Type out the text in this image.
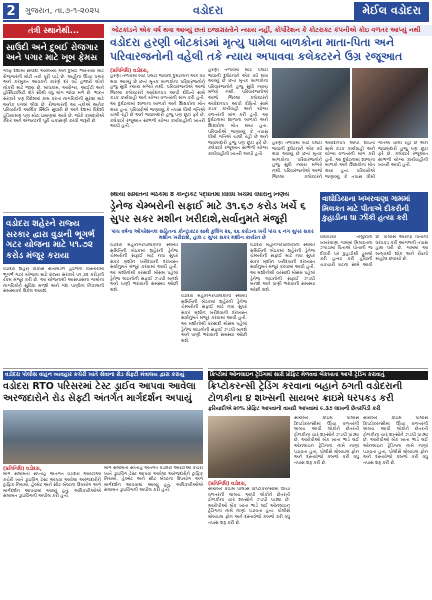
2	ગુજરાત, તા.૭-૧-૨૦૨૫	વડોદરા	મેઈલ વડોદરા
તંત્રી સ્થાનેથી...
સાઉદી અને દુબઈ રોજગાર અને પગાર માટે ખૂબ ફેમસ
ગલ્ફ દેશોમાં સાઉદી અરેબિયા અને દુબઈ ભારતીયો માટે રોજગારની મોટી તકો પૂરી પાડે છે. અહીંના ઊંચા પગાર અને કરમુક્ત આવકને કારણે દર વર્ષે હજારો લોકો નોકરી માટે જાય છે. બાંધકામ, આરોગ્ય, આઈટી અને હોસ્પિટાલિટી ક્ષેત્રે સૌથી વધુ માંગ જોવા મળે છે. ભારત સરકારે પણ વિદેશમાં કામ કરતા નાગરિકોની સુરક્ષા માટે અનેક પગલાં લીધાં છે. રોજગારની આ તકોએ અનેક પરિવારોની આર્થિક સ્થિતિ સુધારી છે અને દેશમાં વિદેશી હૂંડિયામણ પણ મોટા પ્રમાણમાં આવે છે. જોકે કામદારોએ કરાર અને એજન્ટની પૂરી ચકાસણી કરવી જરૂરી છે.
વડોદરા શહેરને રાજ્ય સરકાર દ્વારા વુડાની ભૂગર્ભ ગટર યોજના માટે ૫૧.૭૨ કરોડ મંજૂર કરાયા
વડોદરા શહેરી વિકાસ સત્તામંડળ હેઠળના વિસ્તારોમાં ભૂગર્ભ ગટર યોજના માટે રાજ્ય સરકારે ૫૧.૭૨ કરોડની રકમ મંજૂર કરી છે. આ યોજનાથી આસપાસના ગામોના નાગરિકોને સુવિધા મળશે અને ગંદા પાણીના નિકાલની સમસ્યાનો ઉકેલ આવશે.
બોટકાંડને એક વર્ષ થવા આવ્યું છતાં ઇજાગ્રસ્તોને ન્યાય નહીં, કોર્પોરેશન કે કોટરાક્ટ કંપનીએ કોઇ વળતર આપ્યું નથી
વડોદરા હરણી બોટકાંડમાં મૃત્યુ પામેલા બાળકોના માતા-પિતા અને પરિવારજનોની વહેલી તકે ન્યાય અપાવવા કલેક્ટરને ઉગ્ર રજૂઆત
(પ્રતિનિધિ) વડોદરા,
હરણી તળાવમાં બોટ પલટી જવાની દુર્ઘટનાને એક વર્ષ થવા આવ્યું છે છતાં મૃતક બાળકોના પરિવારજનોને હજુ સુધી ન્યાય મળ્યો નથી. પરિવારજનોએ આજે જિલ્લા કલેક્ટરને આવેદનપત્ર આપી દોષિતો સામે કડક કાર્યવાહી અને યોગ્ય વળતરની માંગ કરી હતી. આ દુર્ઘટનામાં શાળાના બાળકો અને શિક્ષકોના મોત થયા હતા. પરિવારોએ જણાવ્યું કે તપાસ ધીમી ગતિએ ચાલી રહી છે અને જવાબદારો હજુ પણ છૂટા ફરે છે. કલેક્ટરે રજૂઆત સાંભળી યોગ્ય કાર્યવાહીની ખાતરી આપી હતી.
હરણી તળાવમાં બોટ પલટી જવાની દુર્ઘટનાને એક વર્ષ થવા આવ્યું છે છતાં મૃતક બાળકોના પરિવારજનોને હજુ સુધી ન્યાય મળ્યો નથી. પરિવારજનોએ આજે જિલ્લા કલેક્ટરને આવેદનપત્ર આપી દોષિતો સામે કડક કાર્યવાહી અને યોગ્ય વળતરની માંગ કરી હતી. આ દુર્ઘટનામાં શાળાના બાળકો અને શિક્ષકોના મોત થયા હતા. પરિવારોએ જણાવ્યું કે તપાસ ધીમી ગતિએ ચાલી રહી છે અને જવાબદારો હજુ પણ છૂટા ફરે છે. કલેક્ટરે રજૂઆત સાંભળી યોગ્ય કાર્યવાહીની ખાતરી આપી હતી.
હરણી તળાવમાં બોટ પલટી જવાની દુર્ઘટનાને એક વર્ષ થવા આવ્યું છે છતાં મૃતક બાળકોના પરિવારજનોને હજુ સુધી ન્યાય મળ્યો નથી. પરિવારજનોએ આજે જિલ્લા કલેક્ટરને આવેદનપત્ર આપી દોષિતો સામે કડક કાર્યવાહી અને યોગ્ય વળતરની માંગ કરી હતી. આ દુર્ઘટનામાં શાળાના બાળકો અને શિક્ષકોના મોત થયા હતા. પરિવારોએ જણાવ્યું કે તપાસ ધીમી ગતિએ ચાલી રહી છે અને જવાબદારો હજુ પણ છૂટા ફરે છે. કલેક્ટરે રજૂઆત સાંભળી યોગ્ય કાર્યવાહીની ખાતરી આપી હતી.
સ્થાયી સમિતિની બેઠકમાં 8 કોન્ટ્રાકટ પદ્ધતિમાં વિવિધ ખર્ચમાં વધારાનું નિર્ણય
ડ્રેનેજ ચેમ્બરોની સફાઈ માટે ૩૧.૬૭ કરોડ ખર્ચે ૬ સુપર સકર મશીન ખરીદાશે,સર્વાનુમતે મંજૂરી
પાંચ વર્ષના ઓપરેશનલ સહિતના કોન્ટ્રાક્ટર સાથે કુલિંગ ૨૬, ૬૬ કરોડના ખર્ચે પાંચ ૬ નંગ સુપર સકર મશીન ખરીદાશે, હાલ ૮ સુપર સકર મશીન કાર્યરત છે
વડોદરા મહાનગરપાલિકાની સ્થાયી સમિતિની બેઠકમાં શહેરની ડ્રેનેજ ચેમ્બરોની સફાઈ માટે નવા સુપર સકર મશીન ખરીદવાની દરખાસ્ત સર્વાનુમતે મંજૂર કરવામાં આવી હતી. આ મશીનોથી વરસાદી મોસમ પહેલાં ડ્રેનેજ લાઇનોની સફાઈ ઝડપી બનશે અને પાણી ભરાવાની સમસ્યા ઓછી થશે.
વડોદરા મહાનગરપાલિકાની સ્થાયી સમિતિની બેઠકમાં શહેરની ડ્રેનેજ ચેમ્બરોની સફાઈ માટે નવા સુપર સકર મશીન ખરીદવાની દરખાસ્ત સર્વાનુમતે મંજૂર કરવામાં આવી હતી. આ મશીનોથી વરસાદી મોસમ પહેલાં ડ્રેનેજ લાઇનોની સફાઈ ઝડપી બનશે અને પાણી ભરાવાની સમસ્યા ઓછી થશે.
વડોદરા મહાનગરપાલિકાની સ્થાયી સમિતિની બેઠકમાં શહેરની ડ્રેનેજ ચેમ્બરોની સફાઈ માટે નવા સુપર સકર મશીન ખરીદવાની દરખાસ્ત સર્વાનુમતે મંજૂર કરવામાં આવી હતી. આ મશીનોથી વરસાદી મોસમ પહેલાં ડ્રેનેજ લાઇનોની સફાઈ ઝડપી બનશે અને પાણી ભરાવાની સમસ્યા ઓછી થશે.
વાઘોડિયાના ખખરવાણા ગામમાં મિલકત માટે પીતાએ દીકરીની કુહાડીના ઘા ઝીંકી હત્યા કરી
વાઘોડિયા તાલુકાના ખખરવાણા ગામમાં મિલકતના ઝઘડામાં પિતાએ પોતાની જ દીકરી પર કુહાડીથી હુમલો કરી હત્યા કરી હોવાની ચકચારી ઘટના સામે આવી છે. પોલીસે આરોપી પિતાની ધરપકડ કરી આગળની તપાસ હાથ ધરી છે. ગામમાં આ બનાવથી શોક અને રોષનો માહોલ છવાયો છે.
વડોદરા પોલીસ વાહન વ્યવહાર કચેરી ખાતે સેવાના રોડ સેફ્ટી મંત્રાલય દ્વારા કરાયું
વડોદરા RTO પરિસરમાં ટેસ્ટ ડ્રાઈવ આપવા આવેલા અરજદારોને રોડ સેફ્ટી અંતર્ગત માર્ગદર્શન અપાયું
(પ્રતિનિધિ) વડોદરા,
માર્ગ સલામતી સપ્તાહ અંતર્ગત વડોદરા આરટીઓ કચેરી ખાતે ડ્રાઇવિંગ ટેસ્ટ આપવા આવેલા અરજદારોને ટ્રાફિક નિયમો, હેલ્મેટ અને સીટ બેલ્ટના ઉપયોગ અંગે માર્ગદર્શન આપવામાં આવ્યું હતું. અધિકારીઓએ સલામત ડ્રાઇવિંગની અપીલ કરી હતી.
માર્ગ સલામતી સપ્તાહ અંતર્ગત વડોદરા આરટીઓ કચેરી ખાતે ડ્રાઇવિંગ ટેસ્ટ આપવા આવેલા અરજદારોને ટ્રાફિક નિયમો, હેલ્મેટ અને સીટ બેલ્ટના ઉપયોગ અંગે માર્ગદર્શન આપવામાં આવ્યું હતું. અધિકારીઓએ સલામત ડ્રાઇવિંગની અપીલ કરી હતી.
ક્રિપ્ટોમાં ઓનલાઇન ટ્રેડિંગમાં સારો પ્રોફિટ મેળવવા બેંકખાતા આપી ટ્રેડિંગ કરાવાતું
ક્રિપ્ટોકરન્સી ટ્રેડિંગ કરવાના બહાને ઠગતી વડોદરાની ટોળકીના ૪ શખ્સની સાયબર ક્રાઇમે ધરપકડ કરી
ફરિયાદીએ ૨૦% પ્રોફિટ આપવાનો વાયદો આપવામાં ૯.૩૭ લાખની છેતરપિંડી કરી
(પ્રતિનિધિ) વડોદરા,
સાયબર ક્રાઇમ પોલીસે ક્રિપ્ટોકરન્સીમાં ઊંચા વળતરની લાલચ આપી લોકોને છેતરતી ટોળકીના ચાર શખ્સોને ઝડપી પાડ્યા છે. આરોપીઓ બેંક ખાતા ભાડે લઈ ઓનલાઇન ટ્રેડિંગના નામે નાણાં પડાવતા હતા. પોલીસે મોબાઇલ ફોન અને દસ્તાવેજો કબજે કરી વધુ તપાસ શરૂ કરી છે.
સાયબર ક્રાઇમ પોલીસે ક્રિપ્ટોકરન્સીમાં ઊંચા વળતરની લાલચ આપી લોકોને છેતરતી ટોળકીના ચાર શખ્સોને ઝડપી પાડ્યા છે. આરોપીઓ બેંક ખાતા ભાડે લઈ ઓનલાઇન ટ્રેડિંગના નામે નાણાં પડાવતા હતા. પોલીસે મોબાઇલ ફોન અને દસ્તાવેજો કબજે કરી વધુ તપાસ શરૂ કરી છે.
સાયબર ક્રાઇમ પોલીસે ક્રિપ્ટોકરન્સીમાં ઊંચા વળતરની લાલચ આપી લોકોને છેતરતી ટોળકીના ચાર શખ્સોને ઝડપી પાડ્યા છે. આરોપીઓ બેંક ખાતા ભાડે લઈ ઓનલાઇન ટ્રેડિંગના નામે નાણાં પડાવતા હતા. પોલીસે મોબાઇલ ફોન અને દસ્તાવેજો કબજે કરી વધુ તપાસ શરૂ કરી છે.
